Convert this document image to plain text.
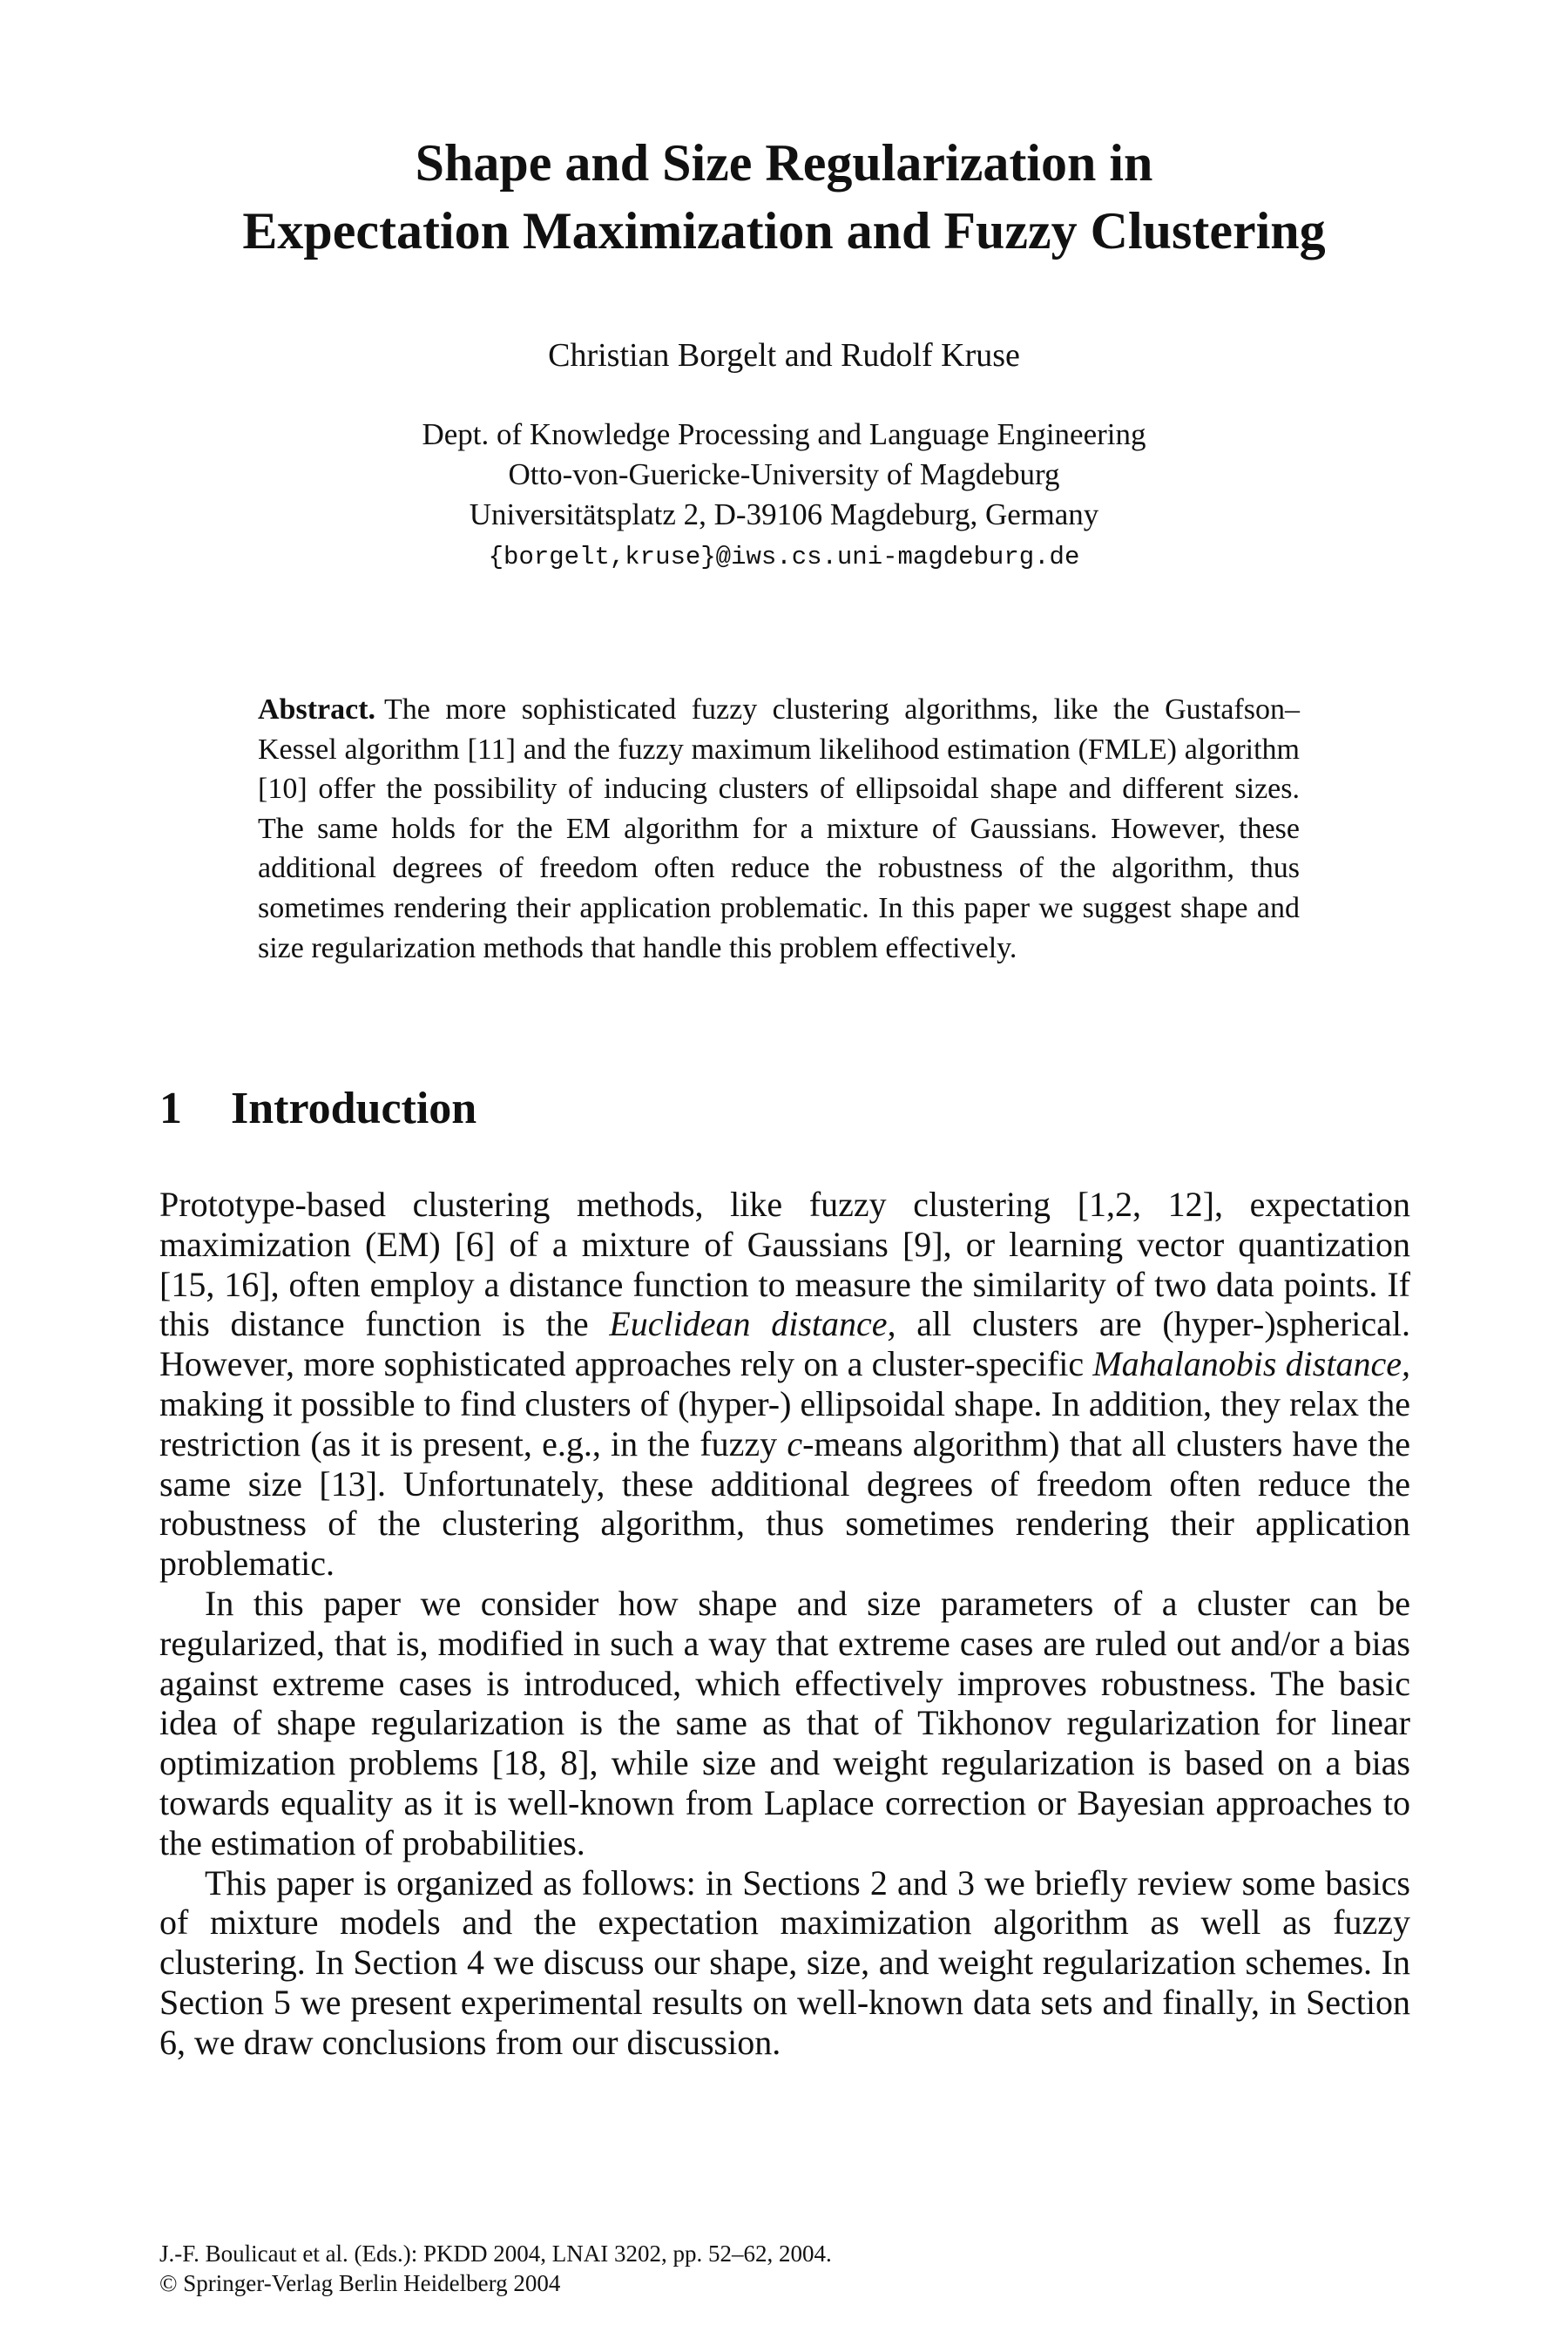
Shape and Size Regularization in
Expectation Maximization and Fuzzy Clustering
Christian Borgelt and Rudolf Kruse
Dept. of Knowledge Processing and Language Engineering
Otto-von-Guericke-University of Magdeburg
Universitätsplatz 2, D-39106 Magdeburg, Germany
{borgelt,kruse}@iws.cs.uni-magdeburg.de
Abstract. The more sophisticated fuzzy clustering algorithms, like the Gustafson–Kessel algorithm [11] and the fuzzy maximum likelihood estimation (FMLE) algorithm [10] offer the possibility of inducing clusters of ellipsoidal shape and different sizes. The same holds for the EM algorithm for a mixture of Gaussians. However, these additional degrees of freedom often reduce the robustness of the algorithm, thus sometimes rendering their application problematic. In this paper we suggest shape and size regularization methods that handle this problem effectively.
1 Introduction

Prototype-based clustering methods, like fuzzy clustering [1,2, 12], expectation maximization (EM) [6] of a mixture of Gaussians [9], or learning vector quantization [15, 16], often employ a distance function to measure the similarity of two data points. If this distance function is the Euclidean distance, all clusters are (hyper-)spherical. However, more sophisticated approaches rely on a cluster-specific Mahalanobis distance, making it possible to find clusters of (hyper-) ellipsoidal shape. In addition, they relax the restriction (as it is present, e.g., in the fuzzy c-means algorithm) that all clusters have the same size [13]. Unfortunately, these additional degrees of freedom often reduce the robustness of the clustering algorithm, thus sometimes rendering their application problematic.

In this paper we consider how shape and size parameters of a cluster can be regularized, that is, modified in such a way that extreme cases are ruled out and/or a bias against extreme cases is introduced, which effectively improves robustness. The basic idea of shape regularization is the same as that of Tikhonov regularization for linear optimization problems [18, 8], while size and weight regularization is based on a bias towards equality as it is well-known from Laplace correction or Bayesian approaches to the estimation of probabilities.

This paper is organized as follows: in Sections 2 and 3 we briefly review some basics of mixture models and the expectation maximization algorithm as well as fuzzy clustering. In Section 4 we discuss our shape, size, and weight regularization schemes. In Section 5 we present experimental results on well-known data sets and finally, in Section 6, we draw conclusions from our discussion.

J.-F. Boulicaut et al. (Eds.): PKDD 2004, LNAI 3202, pp. 52–62, 2004.
© Springer-Verlag Berlin Heidelberg 2004
